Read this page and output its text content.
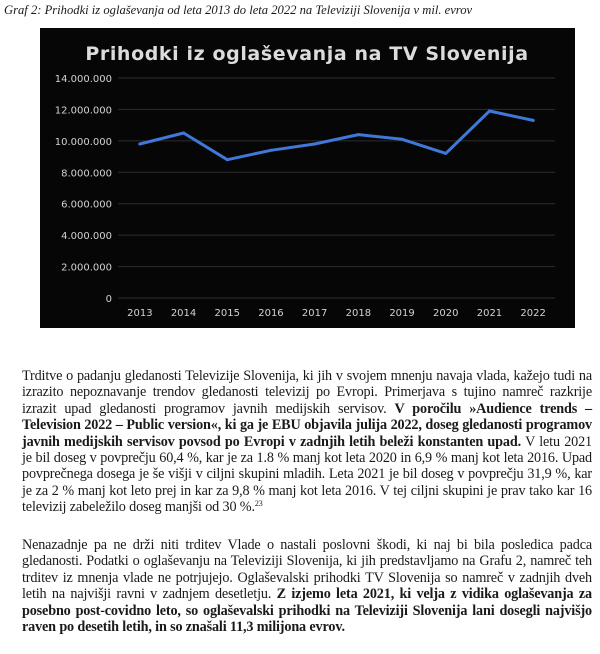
Graf 2: Prihodki iz oglaševanja od leta 2013 do leta 2022 na Televiziji Slovenija v mil. evrov
Prihodki iz oglaševanja na TV Slovenija
0
2.000.000
4.000.000
6.000.000
8.000.000
10.000.000
12.000.000
14.000.000
2013 2014 2015 2016 2017 2018 2019 2020 2021 2022
Trditve o padanju gledanosti Televizije Slovenija, ki jih v svojem mnenju navaja vlada, kažejo tudi na izrazito nepoznavanje trendov gledanosti televizij po Evropi. Primerjava s tujino namreč razkrije izrazit upad gledanosti programov javnih medijskih servisov. V poročilu »Audience trends – Television 2022 – Public version«, ki ga je EBU objavila julija 2022, doseg gledanosti programov javnih medijskih servisov povsod po Evropi v zadnjih letih beleži konstanten upad. V letu 2021 je bil doseg v povprečju 60,4 %, kar je za 1.8 % manj kot leta 2020 in 6,9 % manj kot leta 2016. Upad povprečnega dosega je še višji v ciljni skupini mladih. Leta 2021 je bil doseg v povprečju 31,9 %, kar je za 2 % manj kot leto prej in kar za 9,8 % manj kot leta 2016. V tej ciljni skupini je prav tako kar 16 televizij zabeležilo doseg manjši od 30 %.$^{23}$
Nenazadnje pa ne drži niti trditev Vlade o nastali poslovni škodi, ki naj bi bila posledica padca gledanosti. Podatki o oglaševanju na Televiziji Slovenija, ki jih predstavljamo na Grafu 2, namreč teh trditev iz mnenja vlade ne potrjujejo. Oglaševalski prihodki TV Slovenija so namreč v zadnjih dveh letih na najvišji ravni v zadnjem desetletju. Z izjemo leta 2021, ki velja z vidika oglaševanja za posebno post-covidno leto, so oglaševalski prihodki na Televiziji Slovenija lani dosegli najvišjo raven po desetih letih, in so znašali 11,3 milijona evrov.
